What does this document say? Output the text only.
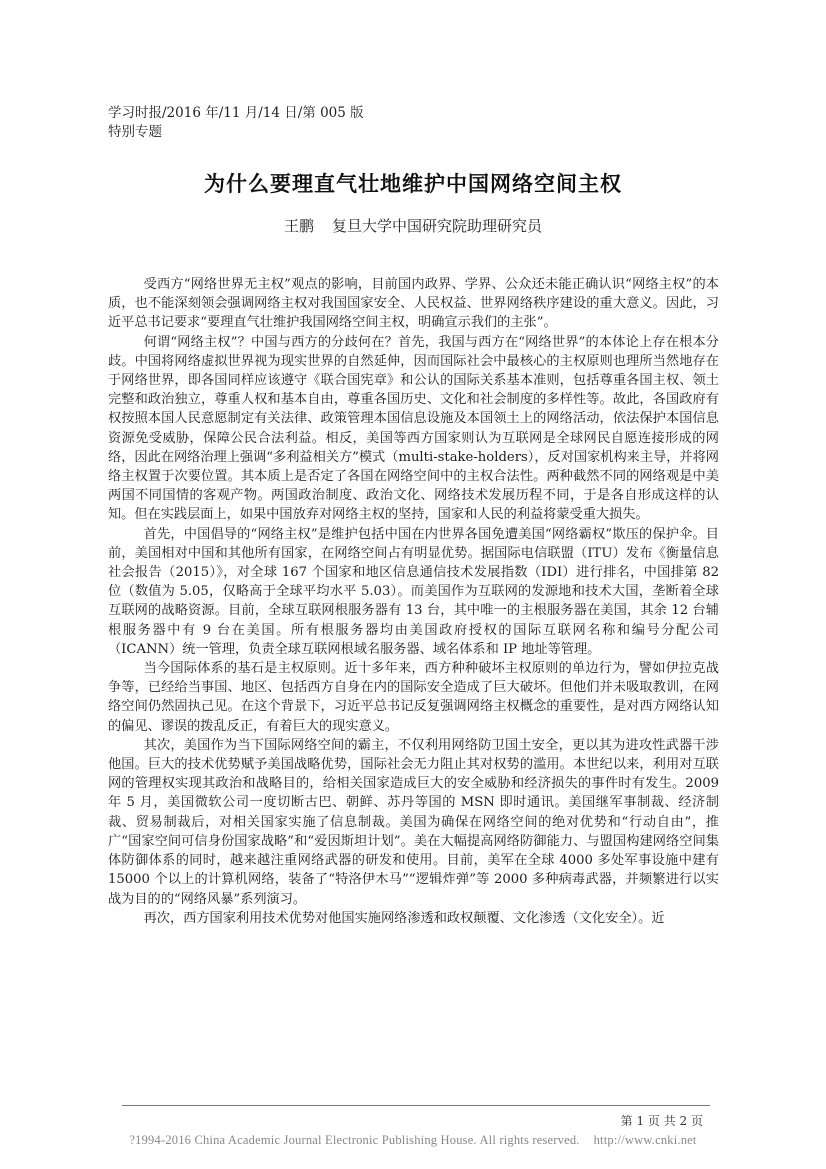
学习时报/2016 年/11 月/14 日/第 005 版
特别专题
为什么要理直气壮地维护中国网络空间主权
王鹏 复旦大学中国研究院助理研究员

受西方“网络世界无主权”观点的影响，目前国内政界、学界、公众还未能正确认识“网络主权”的本质，也不能深刻领会强调网络主权对我国国家安全、人民权益、世界网络秩序建设的重大意义。因此，习近平总书记要求“要理直气壮维护我国网络空间主权，明确宣示我们的主张”。

何谓“网络主权”？中国与西方的分歧何在？首先，我国与西方在“网络世界”的本体论上存在根本分歧。中国将网络虚拟世界视为现实世界的自然延伸，因而国际社会中最核心的主权原则也理所当然地存在于网络世界，即各国同样应该遵守《联合国宪章》和公认的国际关系基本准则，包括尊重各国主权、领土完整和政治独立，尊重人权和基本自由，尊重各国历史、文化和社会制度的多样性等。故此，各国政府有权按照本国人民意愿制定有关法律、政策管理本国信息设施及本国领土上的网络活动，依法保护本国信息资源免受威胁，保障公民合法利益。相反，美国等西方国家则认为互联网是全球网民自愿连接形成的网络，因此在网络治理上强调“多利益相关方”模式（multi-stake-holders），反对国家机构来主导，并将网络主权置于次要位置。其本质上是否定了各国在网络空间中的主权合法性。两种截然不同的网络观是中美两国不同国情的客观产物。两国政治制度、政治文化、网络技术发展历程不同，于是各自形成这样的认知。但在实践层面上，如果中国放弃对网络主权的坚持，国家和人民的利益将蒙受重大损失。

首先，中国倡导的“网络主权”是维护包括中国在内世界各国免遭美国“网络霸权”欺压的保护伞。目前，美国相对中国和其他所有国家，在网络空间占有明显优势。据国际电信联盟（ITU）发布《衡量信息社会报告（2015）》，对全球 167 个国家和地区信息通信技术发展指数（IDI）进行排名，中国排第 82 位（数值为 5.05，仅略高于全球平均水平 5.03）。而美国作为互联网的发源地和技术大国，垄断着全球互联网的战略资源。目前，全球互联网根服务器有 13 台，其中唯一的主根服务器在美国，其余 12 台辅根服务器中有 9 台在美国。所有根服务器均由美国政府授权的国际互联网名称和编号分配公司（ICANN）统一管理，负责全球互联网根域名服务器、域名体系和 IP 地址等管理。

当今国际体系的基石是主权原则。近十多年来，西方种种破坏主权原则的单边行为，譬如伊拉克战争等，已经给当事国、地区、包括西方自身在内的国际安全造成了巨大破坏。但他们并未吸取教训，在网络空间仍然固执己见。在这个背景下，习近平总书记反复强调网络主权概念的重要性，是对西方网络认知的偏见、谬误的拨乱反正，有着巨大的现实意义。

其次，美国作为当下国际网络空间的霸主，不仅利用网络防卫国土安全，更以其为进攻性武器干涉他国。巨大的技术优势赋予美国战略优势，国际社会无力阻止其对权势的滥用。本世纪以来，利用对互联网的管理权实现其政治和战略目的，给相关国家造成巨大的安全威胁和经济损失的事件时有发生。2009 年 5 月，美国微软公司一度切断古巴、朝鲜、苏丹等国的 MSN 即时通讯。美国继军事制裁、经济制裁、贸易制裁后，对相关国家实施了信息制裁。美国为确保在网络空间的绝对优势和“行动自由”，推广“国家空间可信身份国家战略”和“爱因斯坦计划”。美在大幅提高网络防御能力、与盟国构建网络空间集体防御体系的同时，越来越注重网络武器的研发和使用。目前，美军在全球 4000 多处军事设施中建有 15000 个以上的计算机网络，装备了“特洛伊木马”“逻辑炸弹”等 2000 多种病毒武器，并频繁进行以实战为目的的“网络风暴”系列演习。

再次，西方国家利用技术优势对他国实施网络渗透和政权颠覆、文化渗透（文化安全）。近

第 1 页 共 2 页
?1994-2016 China Academic Journal Electronic Publishing House. All rights reserved. http://www.cnki.net
